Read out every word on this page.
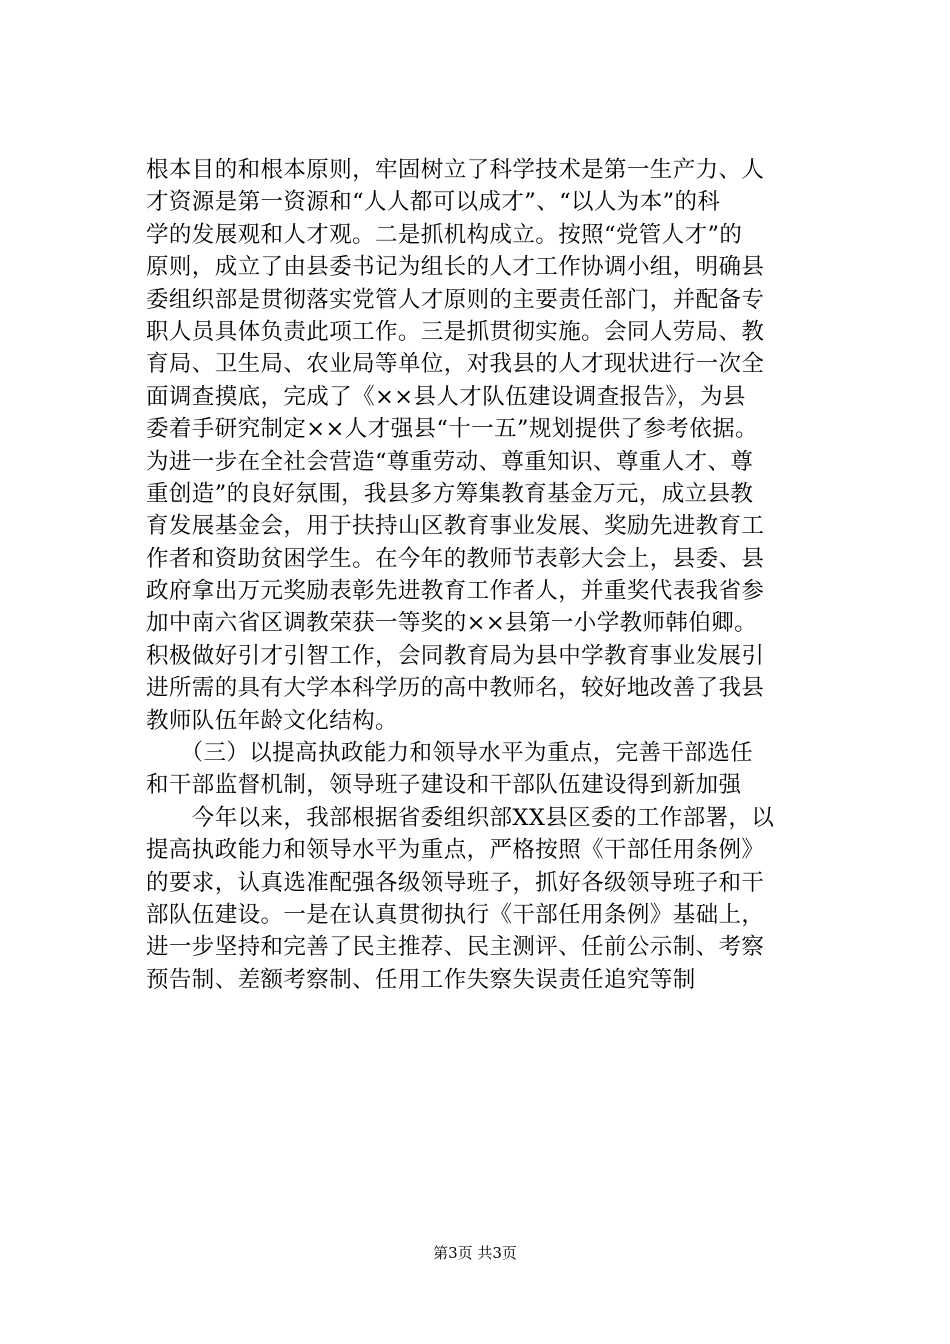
根本目的和根本原则，牢固树立了科学技术是第一生产力、人
才资源是第一资源和“人人都可以成才”、“以人为本”的科
学的发展观和人才观。二是抓机构成立。按照“党管人才”的
原则，成立了由县委书记为组长的人才工作协调小组，明确县
委组织部是贯彻落实党管人才原则的主要责任部门，并配备专
职人员具体负责此项工作。三是抓贯彻实施。会同人劳局、教
育局、卫生局、农业局等单位，对我县的人才现状进行一次全
面调查摸底，完成了《××县人才队伍建设调查报告》，为县
委着手研究制定××人才强县“十一五”规划提供了参考依据。
为进一步在全社会营造“尊重劳动、尊重知识、尊重人才、尊
重创造”的良好氛围，我县多方筹集教育基金万元，成立县教
育发展基金会，用于扶持山区教育事业发展、奖励先进教育工
作者和资助贫困学生。在今年的教师节表彰大会上，县委、县
政府拿出万元奖励表彰先进教育工作者人，并重奖代表我省参
加中南六省区调教荣获一等奖的××县第一小学教师韩伯卿。
积极做好引才引智工作，会同教育局为县中学教育事业发展引
进所需的具有大学本科学历的高中教师名，较好地改善了我县
教师队伍年龄文化结构。
　　（三）以提高执政能力和领导水平为重点，完善干部选任
和干部监督机制，领导班子建设和干部队伍建设得到新加强
　　今年以来，我部根据省委组织部XX县区委的工作部署，以
提高执政能力和领导水平为重点，严格按照《干部任用条例》
的要求，认真选准配强各级领导班子，抓好各级领导班子和干
部队伍建设。一是在认真贯彻执行《干部任用条例》基础上，
进一步坚持和完善了民主推荐、民主测评、任前公示制、考察
预告制、差额考察制、任用工作失察失误责任追究等制
第3页 共3页
